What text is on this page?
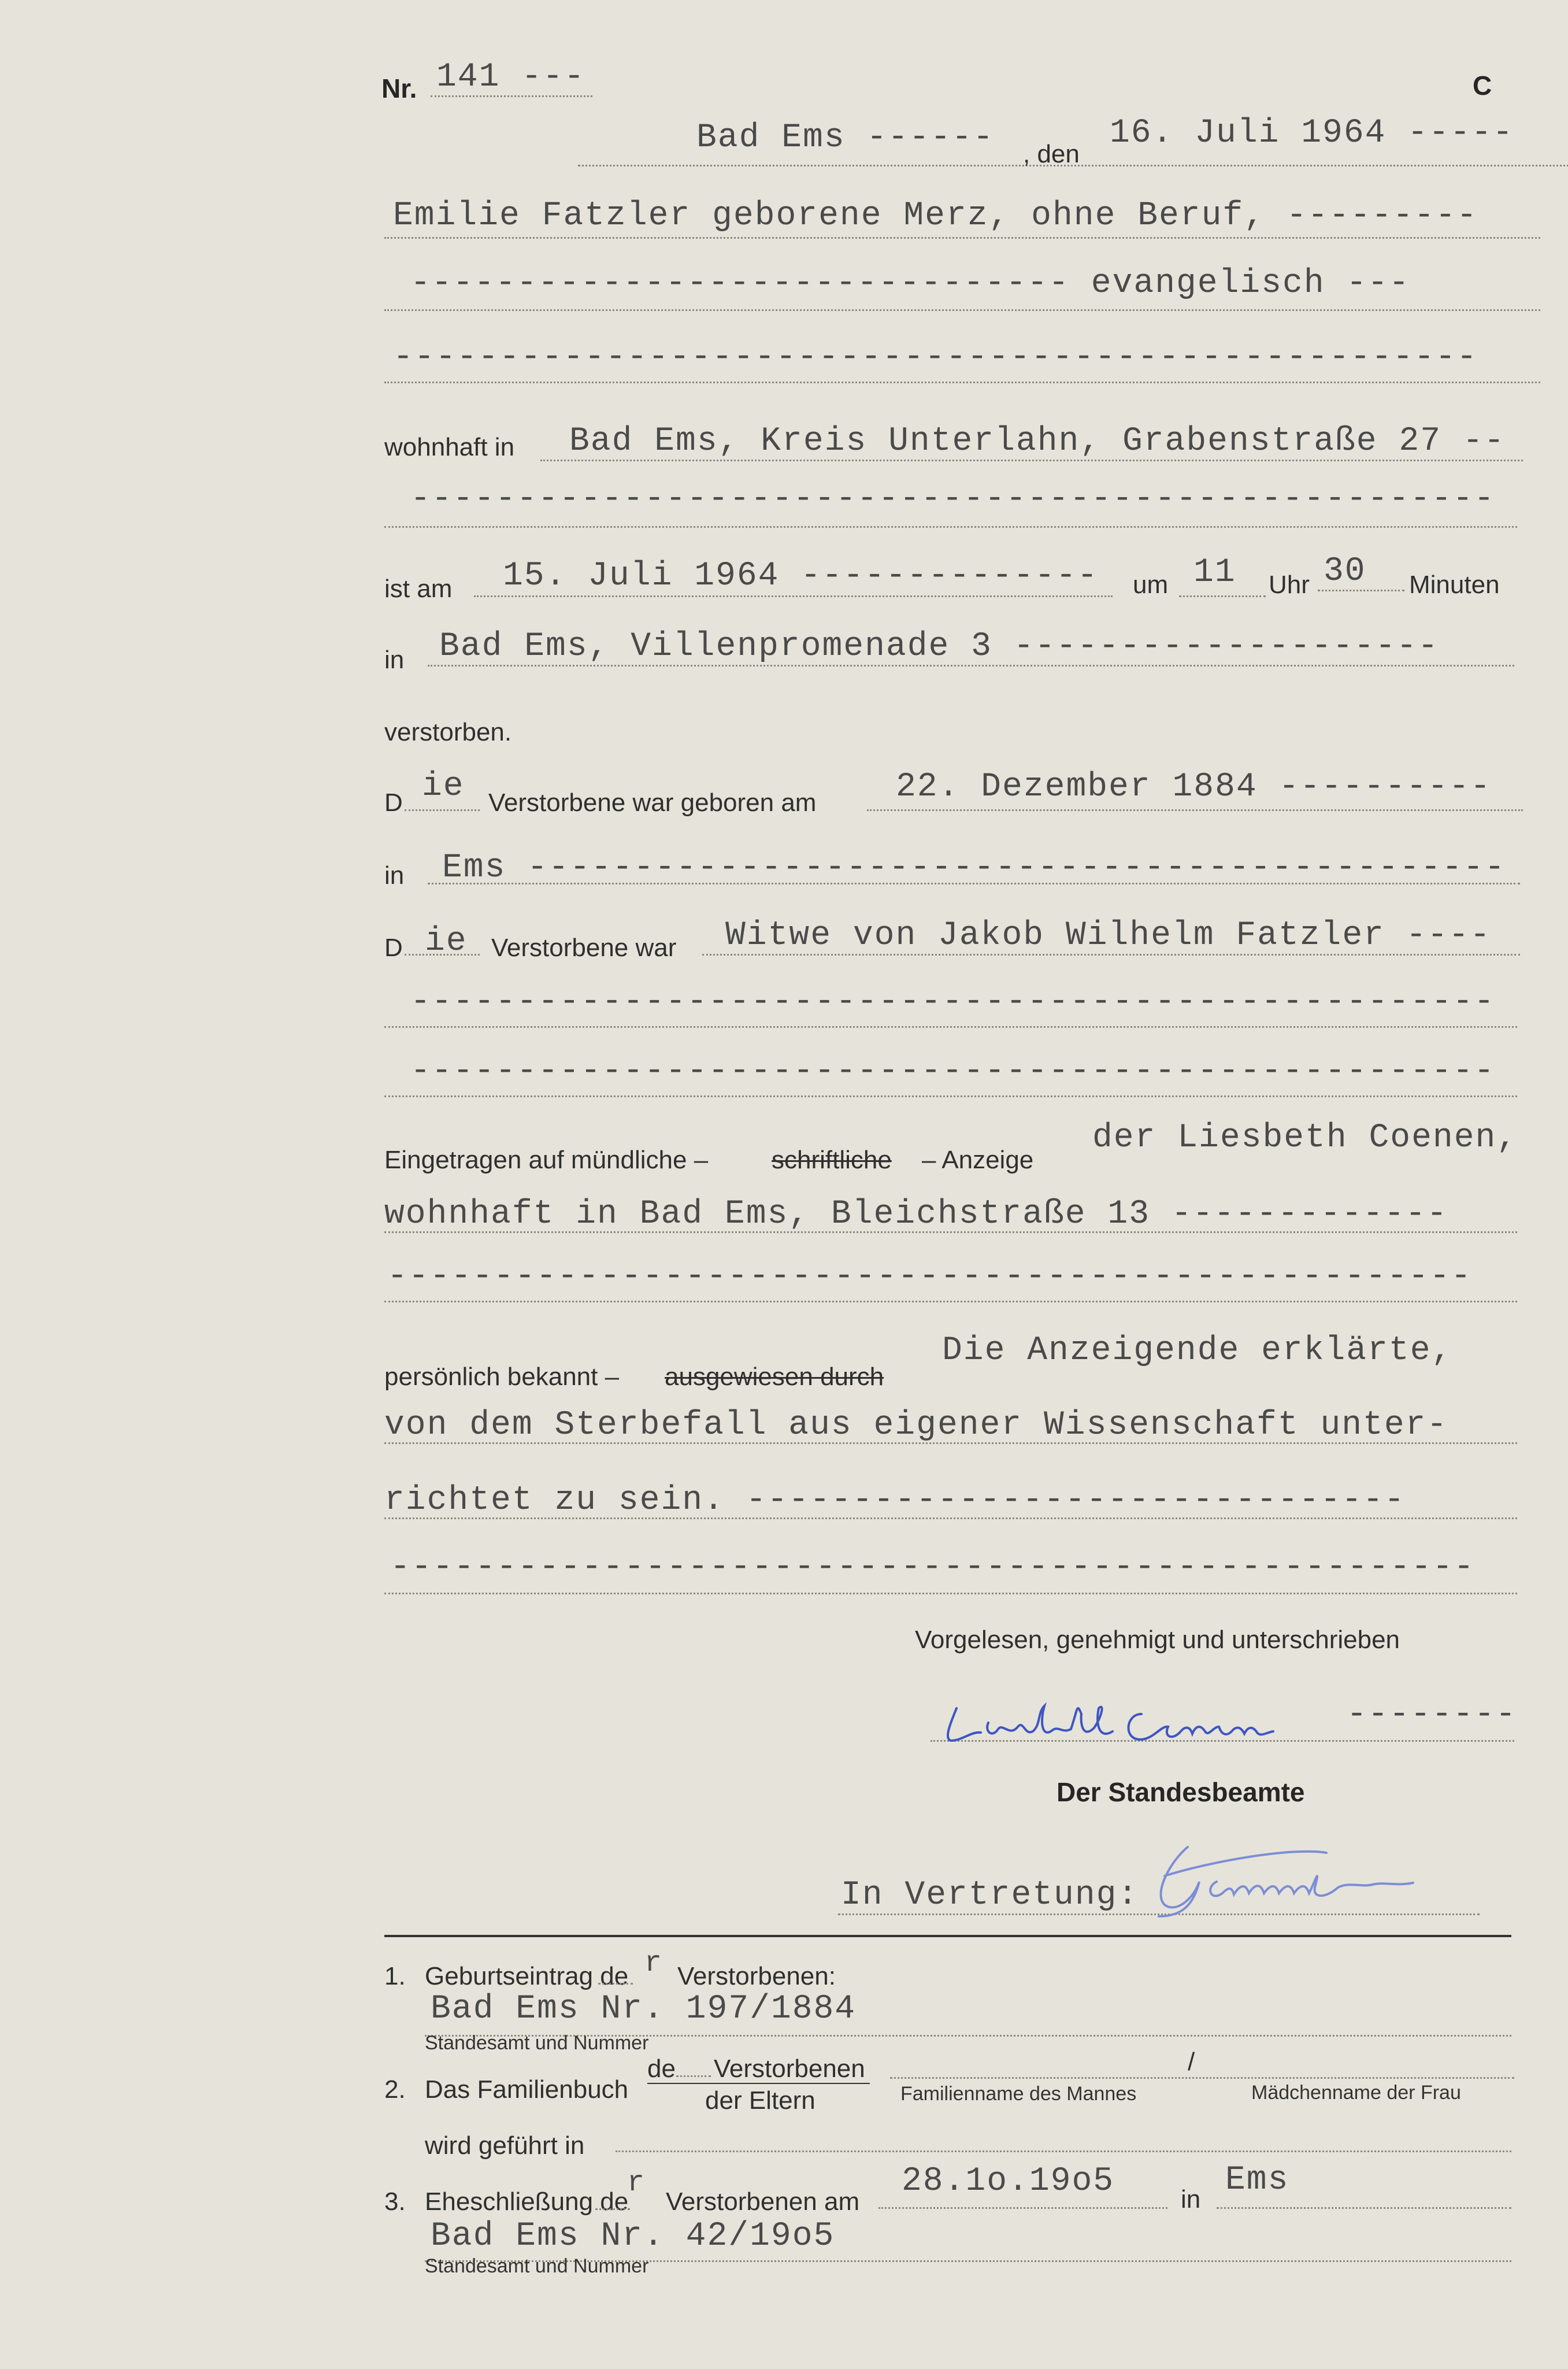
Nr. 141 ---	C
Bad Ems ------ , den
16. Juli 1964 -----
Emilie Fatzler geborene Merz, ohne Beruf, ---------
------------------------------- evangelisch ---
---------------------------------------------------
wohnhaft in Bad Ems, Kreis Unterlahn, Grabenstraße 27 --
---------------------------------------------------
ist am 15. Juli 1964 -------------- um 11 Uhr 30 Minuten
in Bad Ems, Villenpromenade 3 --------------------
verstorben.
D ie Verstorbene war geboren am 22. Dezember 1884 ----------
in Ems ----------------------------------------------
D ie Verstorbene war Witwe von Jakob Wilhelm Fatzler ----
---------------------------------------------------
---------------------------------------------------
Eingetragen auf mündliche – schriftliche – Anzeige
der Liesbeth Coenen,
wohnhaft in Bad Ems, Bleichstraße 13 -------------
---------------------------------------------------
persönlich bekannt – ausgewiesen durch
Die Anzeigende erklärte,
von dem Sterbefall aus eigener Wissenschaft unter-
richtet zu sein. -------------------------------
---------------------------------------------------
Vorgelesen, genehmigt und unterschrieben
--------
Der Standesbeamte
In Vertretung:
1. Geburtseintrag de r Verstorbenen:
Bad Ems Nr. 197/1884
Standesamt und Nummer
2. Das Familienbuch
de Verstorbenen
der Eltern	Familienname des Mannes
/
Mädchenname der Frau
wird geführt in
3. Eheschließung de
r
Verstorbenen am
28.1o.19o5	in
Ems
Bad Ems Nr. 42/19o5
Standesamt und Nummer
